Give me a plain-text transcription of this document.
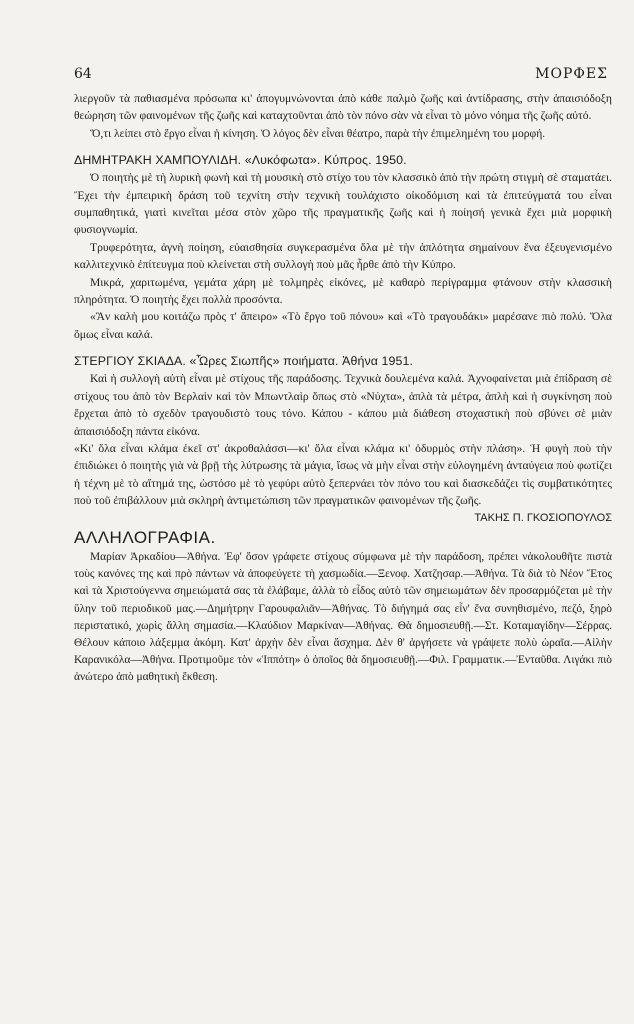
64	ΜΟΡΦΕΣ

λιεργοῦν τὰ παθιασμένα πρόσωπα κι' ἀπογυμνώνονται ἀπὸ κάθε παλμὸ ζωῆς καὶ ἀντίδρασης, στὴν ἀπαισιόδοξη θεώρηση τῶν φαινομένων τῆς ζωῆς καὶ καταχτοῦνται ἀπὸ τὸν πόνο σὰν νὰ εἶναι τὸ μόνο νόημα τῆς ζωῆς αὐτό.

Ὅ,τι λείπει στὸ ἔργο εἶναι ἡ κίνηση. Ὁ λόγος δὲν εἶναι θέατρο, παρὰ τὴν ἐπιμελημένη του μορφή.

ΔΗΜΗΤΡΑΚΗ ΧΑΜΠΟΥΛΙΔΗ. «Λυκόφωτα». Κύπρος. 1950.

Ὁ ποιητὴς μὲ τὴ λυρικὴ φωνὴ καὶ τὴ μουσικὴ στὸ στίχο του τὸν κλασσικὸ ἀπὸ τὴν πρώτη στιγμὴ σὲ σταματάει. Ἔχει τὴν ἐμπειρικὴ δράση τοῦ τεχνίτη στὴν τεχνικὴ τουλάχιστο οἰκοδόμιση καὶ τὰ ἐπιτεύγματά του εἶναι συμπαθητικά, γιατὶ κινεῖται μέσα στὸν χῶρο τῆς πραγματικῆς ζωῆς καὶ ἡ ποίησή γενικὰ ἔχει μιὰ μορφικὴ φυσιογνωμία.

Τρυφερότητα, ἁγνὴ ποίηση, εὐαισθησία συγκερασμένα ὅλα μὲ τὴν ἁπλότητα σημαίνουν ἕνα ἐξευγενισμένο καλλιτεχνικὸ ἐπίτευγμα ποὺ κλείνεται στὴ συλλογὴ ποὺ μᾶς ἦρθε ἀπὸ τὴν Κύπρο.

Μικρά, χαριτωμένα, γεμάτα χάρη μὲ τολμηρὲς εἰκόνες, μὲ καθαρὸ περίγραμμα φτάνουν στὴν κλασσικὴ πληρότητα. Ὁ ποιητὴς ἔχει πολλὰ προσόντα.

«Ἂν καλὴ μου κοιτάζω πρὸς τ' ἄπειρο» «Τὸ ἔργο τοῦ πόνου» καὶ «Τὸ τραγουδάκι» μαρέσανε πιὸ πολύ. Ὅλα ὅμως εἶναι καλά.

ΣΤΕΡΓΙΟΥ ΣΚΙΑΔΑ. «Ὧρες Σιωπῆς» ποιήματα. Ἀθήνα 1951.

Καὶ ἡ συλλογὴ αὐτὴ εἶναι μὲ στίχους τῆς παράδοσης. Τεχνικὰ δουλεμένα καλά. Ἀχνοφαίνεται μιὰ ἐπίδραση σὲ στίχους του ἀπὸ τὸν Βερλαὶν καὶ τὸν Μπωντλαὶρ ὅπως στὸ «Νύχτα», ἁπλὰ τὰ μέτρα, ἁπλὴ καὶ ἡ συγκίνηση ποὺ ἔρχεται ἀπὸ τὸ σχεδὸν τραγουδιστὸ τους τόνο. Κάπου - κάπου μιὰ διάθεση στοχαστικὴ ποὺ σβύνει σὲ μιὰν ἀπαισιόδοξη πάντα εἰκόνα.

«Κι' ὅλα εἶναι κλάμα ἐκεῖ στ' ἀκροθαλάσσι—κι' ὅλα εἶναι κλάμα κι' ὀδυρμὸς στὴν πλάση». Ἡ φυγὴ ποὺ τὴν ἐπιδιώκει ὁ ποιητὴς γιὰ νὰ βρῇ τὴς λύτρωσης τὰ μάγια, ἴσως νὰ μὴν εἶναι στὴν εὐλογημένη ἀνταύγεια ποὺ φωτίζει ἡ τέχνη μὲ τὸ αἴτημά της, ὡστόσο μὲ τὸ γεφύρι αὐτὸ ξεπερνάει τὸν πόνο του καὶ διασκεδάζει τὶς συμβατικότητες ποὺ τοῦ ἐπιβάλλουν μιὰ σκληρὴ ἀντιμετώπιση τῶν πραγματικῶν φαινομένων τῆς ζωῆς.

ΤΑΚΗΣ Π. ΓΚΟΣΙΟΠΟΥΛΟΣ

ΑΛΛΗΛΟΓΡΑΦΙΑ.

Μαρίαν Ἀρκαδίου—Ἀθήνα. Ἐφ' ὅσον γράφετε στίχους σύμφωνα μὲ τὴν παράδοση, πρέπει νἀκολουθῆτε πιστὰ τοὺς κανόνες της καὶ πρὸ πάντων νὰ ἀποφεύγετε τὴ χασμωδία.—Ξενοφ. Χατζησαρ.—Ἀθήνα. Τὰ διὰ τὸ Νέον Ἔτος καὶ τὰ Χριστούγεννα σημειώματά σας τὰ ἐλάβαμε, ἀλλὰ τὸ εἶδος αὐτὸ τῶν σημειωμάτων δὲν προσαρμόζεται μὲ τὴν ὕλην τοῦ περιοδικοῦ μας.—Δημήτρην Γαρουφαλιᾶν—Ἀθήνας. Τὸ διήγημά σας εἶν' ἕνα συνηθισμένο, πεζό, ξηρὸ περιστατικό, χωρὶς ἄλλη σημασία.—Κλαύδιον Μαρκίναν—Ἀθήνας. Θὰ δημοσιευθῇ.—Στ. Κοταμαγίδην—Σέρρας. Θέλουν κάποιο λάξεμμα ἀκόμη. Κατ' ἀρχὴν δὲν εἶναι ἄσχημα. Δὲν θ' ἀργήσετε νὰ γράψετε πολὺ ὡραῖα.—Αἰλὴν Καρανικόλα—Ἀθήνα. Προτιμοῦμε τὸν «Ἱππότη» ὁ ὁποῖος θὰ δημοσιευθῇ.—Φιλ. Γραμματικ.—Ἐνταῦθα. Λιγάκι πιὸ ἀνώτερο ἀπὸ μαθητικὴ ἔκθεση.
